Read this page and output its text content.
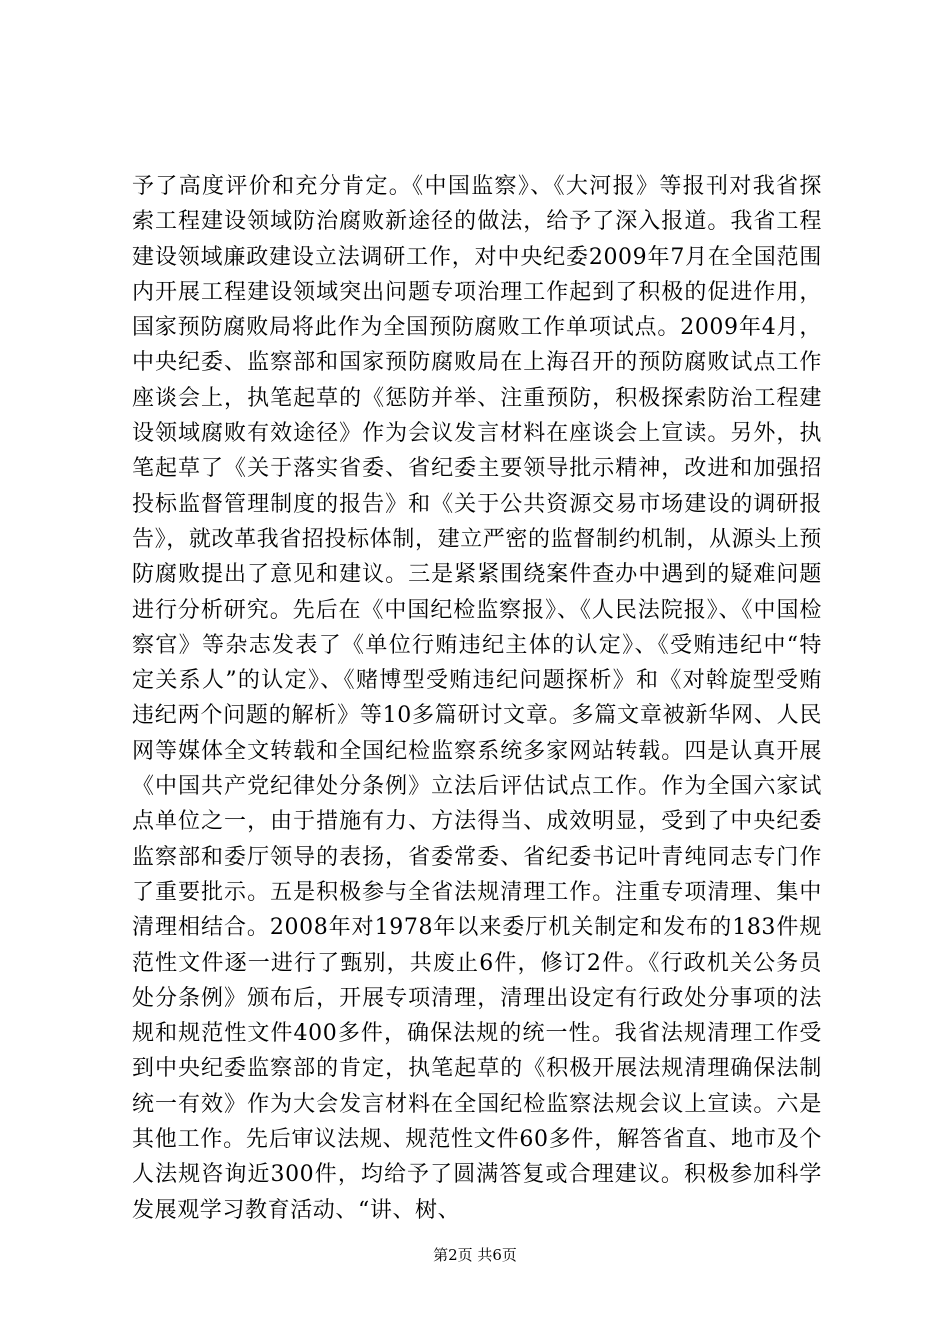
予了高度评价和充分肯定。《中国监察》、《大河报》等报刊对我省探索工程建设领域防治腐败新途径的做法，给予了深入报道。我省工程建设领域廉政建设立法调研工作，对中央纪委2009年7月在全国范围内开展工程建设领域突出问题专项治理工作起到了积极的促进作用，国家预防腐败局将此作为全国预防腐败工作单项试点。2009年4月，中央纪委、监察部和国家预防腐败局在上海召开的预防腐败试点工作座谈会上，执笔起草的《惩防并举、注重预防，积极探索防治工程建设领域腐败有效途径》作为会议发言材料在座谈会上宣读。另外，执笔起草了《关于落实省委、省纪委主要领导批示精神，改进和加强招投标监督管理制度的报告》和《关于公共资源交易市场建设的调研报告》，就改革我省招投标体制，建立严密的监督制约机制，从源头上预防腐败提出了意见和建议。三是紧紧围绕案件查办中遇到的疑难问题进行分析研究。先后在《中国纪检监察报》、《人民法院报》、《中国检察官》等杂志发表了《单位行贿违纪主体的认定》、《受贿违纪中“特定关系人”的认定》、《赌博型受贿违纪问题探析》和《对斡旋型受贿违纪两个问题的解析》等10多篇研讨文章。多篇文章被新华网、人民网等媒体全文转载和全国纪检监察系统多家网站转载。四是认真开展《中国共产党纪律处分条例》立法后评估试点工作。作为全国六家试点单位之一，由于措施有力、方法得当、成效明显，受到了中央纪委监察部和委厅领导的表扬，省委常委、省纪委书记叶青纯同志专门作了重要批示。五是积极参与全省法规清理工作。注重专项清理、集中清理相结合。2008年对1978年以来委厅机关制定和发布的183件规范性文件逐一进行了甄别，共废止6件，修订2件。《行政机关公务员处分条例》颁布后，开展专项清理，清理出设定有行政处分事项的法规和规范性文件400多件，确保法规的统一性。我省法规清理工作受到中央纪委监察部的肯定，执笔起草的《积极开展法规清理确保法制统一有效》作为大会发言材料在全国纪检监察法规会议上宣读。六是其他工作。先后审议法规、规范性文件60多件，解答省直、地市及个人法规咨询近300件，均给予了圆满答复或合理建议。积极参加科学发展观学习教育活动、“讲、树、

第2页 共6页
